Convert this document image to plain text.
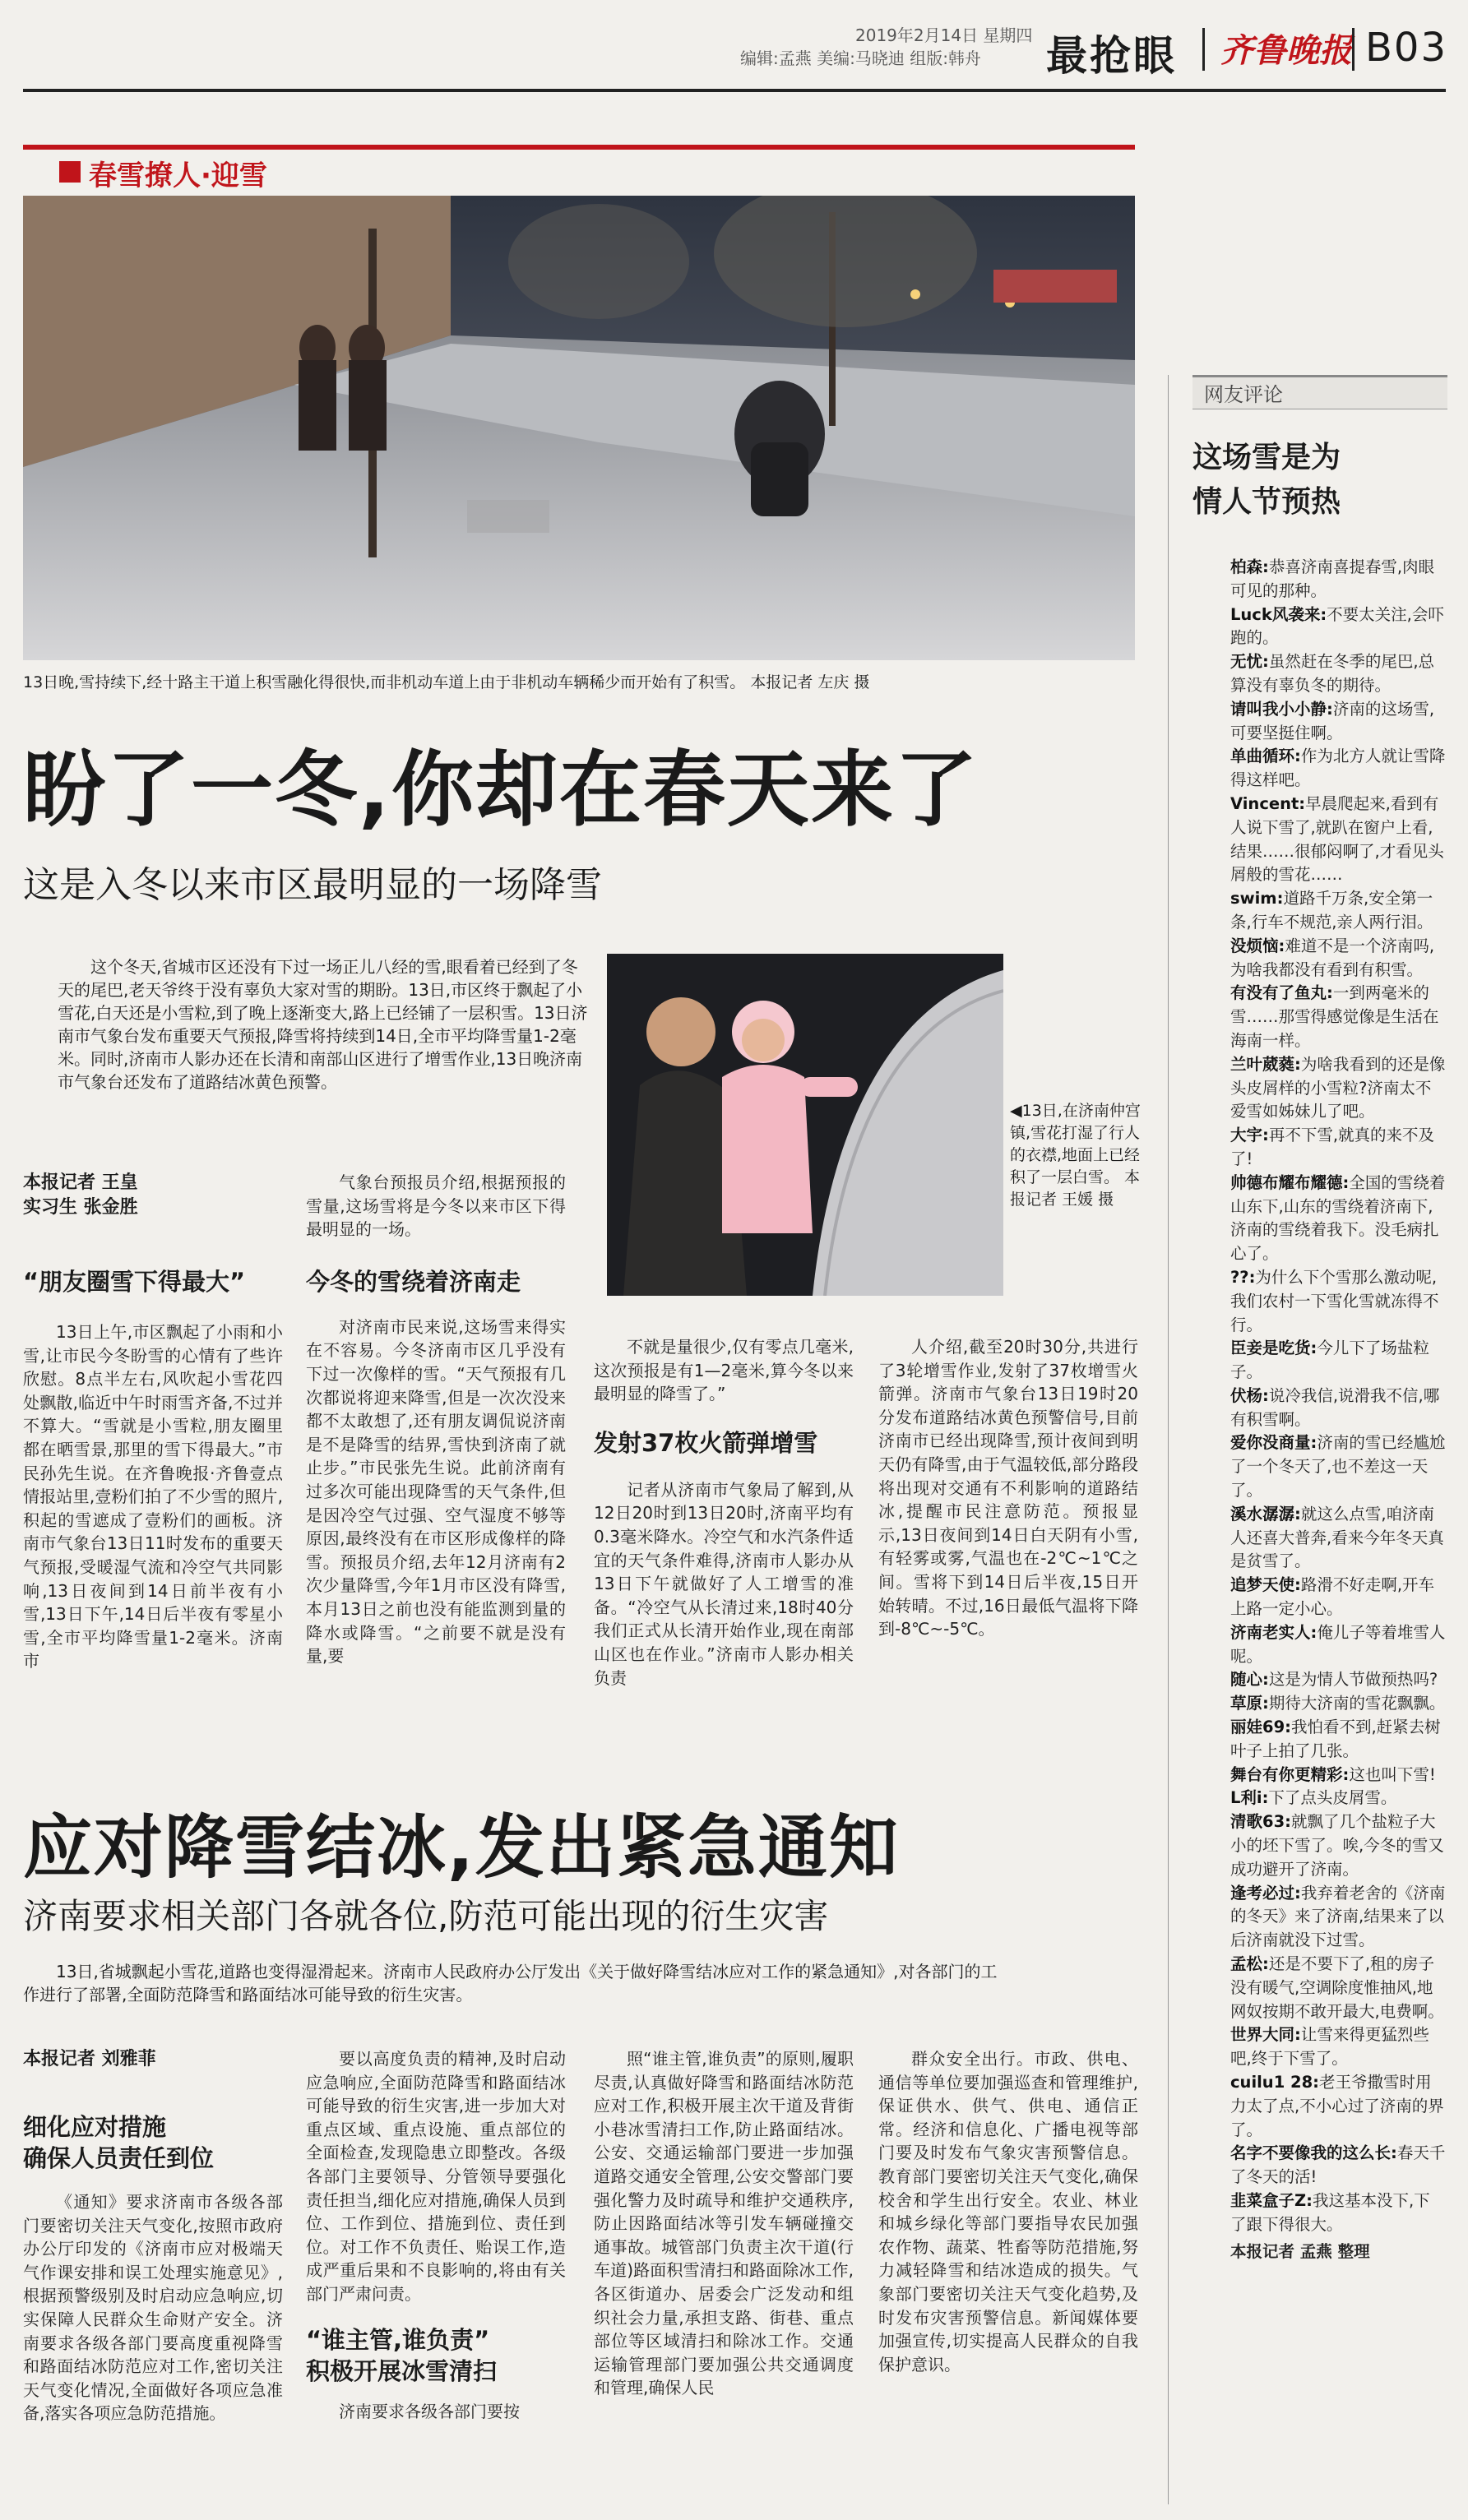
2019年2月14日 星期四
编辑:孟燕 美编:马晓迪 组版:韩舟 最抢眼 齐鲁晚报 B03
春雪撩人·迎雪
13日晚,雪持续下,经十路主干道上积雪融化得很快,而非机动车道上由于非机动车辆稀少而开始有了积雪。 本报记者 左庆 摄
盼了一冬,你却在春天来了
这是入冬以来市区最明显的一场降雪
这个冬天,省城市区还没有下过一场正儿八经的雪,眼看着已经到了冬天的尾巴,老天爷终于没有辜负大家对雪的期盼。13日,市区终于飘起了小雪花,白天还是小雪粒,到了晚上逐渐变大,路上已经铺了一层积雪。13日济南市气象台发布重要天气预报,降雪将持续到14日,全市平均降雪量1-2毫米。同时,济南市人影办还在长清和南部山区进行了增雪作业,13日晚济南市气象台还发布了道路结冰黄色预警。
本报记者 王皇
实习生 张金胜
◀13日,在济南仲宫镇,雪花打湿了行人的衣襟,地面上已经积了一层白雪。 本报记者 王媛 摄
“朋友圈雪下得最大”
13日上午,市区飘起了小雨和小雪,让市民今冬盼雪的心情有了些许欣慰。8点半左右,风吹起小雪花四处飘散,临近中午时雨雪齐备,不过并不算大。“雪就是小雪粒,朋友圈里都在晒雪景,那里的雪下得最大。”市民孙先生说。在齐鲁晚报·齐鲁壹点情报站里,壹粉们拍了不少雪的照片,积起的雪遮成了壹粉们的画板。济南市气象台13日11时发布的重要天气预报,受暖湿气流和冷空气共同影响,13日夜间到14日前半夜有小雪,13日下午,14日后半夜有零星小雪,全市平均降雪量1-2毫米。济南市
气象台预报员介绍,根据预报的雪量,这场雪将是今冬以来市区下得最明显的一场。
今冬的雪绕着济南走
对济南市民来说,这场雪来得实在不容易。今冬济南市区几乎没有下过一次像样的雪。“天气预报有几次都说将迎来降雪,但是一次次没来都不太敢想了,还有朋友调侃说济南是不是降雪的结界,雪快到济南了就止步。”市民张先生说。此前济南有过多次可能出现降雪的天气条件,但是因冷空气过强、空气湿度不够等原因,最终没有在市区形成像样的降雪。预报员介绍,去年12月济南有2次少量降雪,今年1月市区没有降雪,本月13日之前也没有能监测到量的降水或降雪。“之前要不就是没有量,要
不就是量很少,仅有零点几毫米,这次预报是有1—2毫米,算今冬以来最明显的降雪了。”
发射37枚火箭弹增雪
记者从济南市气象局了解到,从12日20时到13日20时,济南平均有0.3毫米降水。冷空气和水汽条件适宜的天气条件难得,济南市人影办从13日下午就做好了人工增雪的准备。“冷空气从长清过来,18时40分我们正式从长清开始作业,现在南部山区也在作业。”济南市人影办相关负责
人介绍,截至20时30分,共进行了3轮增雪作业,发射了37枚增雪火箭弹。济南市气象台13日19时20分发布道路结冰黄色预警信号,目前济南市已经出现降雪,预计夜间到明天仍有降雪,由于气温较低,部分路段将出现对交通有不利影响的道路结冰,提醒市民注意防范。预报显示,13日夜间到14日白天阴有小雪,有轻雾或雾,气温也在-2℃~1℃之间。雪将下到14日后半夜,15日开始转晴。不过,16日最低气温将下降到-8℃~-5℃。
应对降雪结冰,发出紧急通知
济南要求相关部门各就各位,防范可能出现的衍生灾害
13日,省城飘起小雪花,道路也变得湿滑起来。济南市人民政府办公厅发出《关于做好降雪结冰应对工作的紧急通知》,对各部门的工作进行了部署,全面防范降雪和路面结冰可能导致的衍生灾害。
本报记者 刘雅菲
细化应对措施
确保人员责任到位
《通知》要求济南市各级各部门要密切关注天气变化,按照市政府办公厅印发的《济南市应对极端天气作课安排和误工处理实施意见》,根据预警级别及时启动应急响应,切实保障人民群众生命财产安全。济南要求各级各部门要高度重视降雪和路面结冰防范应对工作,密切关注天气变化情况,全面做好各项应急准备,落实各项应急防范措施。
要以高度负责的精神,及时启动应急响应,全面防范降雪和路面结冰可能导致的衍生灾害,进一步加大对重点区域、重点设施、重点部位的全面检查,发现隐患立即整改。各级各部门主要领导、分管领导要强化责任担当,细化应对措施,确保人员到位、工作到位、措施到位、责任到位。对工作不负责任、贻误工作,造成严重后果和不良影响的,将由有关部门严肃问责。
“谁主管,谁负责”
积极开展冰雪清扫
济南要求各级各部门要按
照“谁主管,谁负责”的原则,履职尽责,认真做好降雪和路面结冰防范应对工作,积极开展主次干道及背街小巷冰雪清扫工作,防止路面结冰。公安、交通运输部门要进一步加强道路交通安全管理,公安交警部门要强化警力及时疏导和维护交通秩序,防止因路面结冰等引发车辆碰撞交通事故。城管部门负责主次干道(行车道)路面积雪清扫和路面除冰工作,各区街道办、居委会广泛发动和组织社会力量,承担支路、街巷、重点部位等区域清扫和除冰工作。交通运输管理部门要加强公共交通调度和管理,确保人民
群众安全出行。市政、供电、通信等单位要加强巡查和管理维护,保证供水、供气、供电、通信正常。经济和信息化、广播电视等部门要及时发布气象灾害预警信息。教育部门要密切关注天气变化,确保校舍和学生出行安全。农业、林业和城乡绿化等部门要指导农民加强农作物、蔬菜、牲畜等防范措施,努力减轻降雪和结冰造成的损失。气象部门要密切关注天气变化趋势,及时发布灾害预警信息。新闻媒体要加强宣传,切实提高人民群众的自我保护意识。
网友评论
这场雪是为
情人节预热

柏森:恭喜济南喜提春雪,肉眼可见的那种。

Luck风袭来:不要太关注,会吓跑的。

无忧:虽然赶在冬季的尾巴,总算没有辜负冬的期待。

请叫我小小静:济南的这场雪,可要坚挺住啊。

单曲循环:作为北方人就让雪降得这样吧。

Vincent:早晨爬起来,看到有人说下雪了,就趴在窗户上看,结果……很郁闷啊了,才看见头屑般的雪花……

swim:道路千万条,安全第一条,行车不规范,亲人两行泪。

没烦恼:难道不是一个济南吗,为啥我都没有看到有积雪。

有没有了鱼丸:一到两毫米的雪……那雪得感觉像是生活在海南一样。

兰叶葳蕤:为啥我看到的还是像头皮屑样的小雪粒?济南太不爱雪如姊妹儿了吧。

大宇:再不下雪,就真的来不及了!

帅德布耀布耀德:全国的雪绕着山东下,山东的雪绕着济南下,济南的雪绕着我下。没毛病扎心了。

??:为什么下个雪那么激动呢,我们农村一下雪化雪就冻得不行。

臣妾是吃货:今儿下了场盐粒子。

伏杨:说冷我信,说滑我不信,哪有积雪啊。

爱你没商量:济南的雪已经尴尬了一个冬天了,也不差这一天了。

溪水潺潺:就这么点雪,咱济南人还喜大普奔,看来今年冬天真是贫雪了。

追梦天使:路滑不好走啊,开车上路一定小心。

济南老实人:俺儿子等着堆雪人呢。

随心:这是为情人节做预热吗?

草原:期待大济南的雪花飘飘。

丽娃69:我怕看不到,赶紧去树叶子上拍了几张。

舞台有你更精彩:这也叫下雪!

L利i:下了点头皮屑雪。

清歌63:就飘了几个盐粒子大小的坯下雪了。唉,今冬的雪又成功避开了济南。

逢考必过:我弃着老舍的《济南的冬天》来了济南,结果来了以后济南就没下过雪。

孟松:还是不要下了,租的房子没有暖气,空调除度惟抽风,地网奴按期不敢开最大,电费啊。

世界大同:让雪来得更猛烈些吧,终于下雪了。

cuilu1 28:老王爷撒雪时用力太了点,不小心过了济南的界了。

名字不要像我的这么长:春天千了冬天的活!

韭菜盒子Z:我这基本没下,下了跟下得很大。

本报记者 孟燕 整理
